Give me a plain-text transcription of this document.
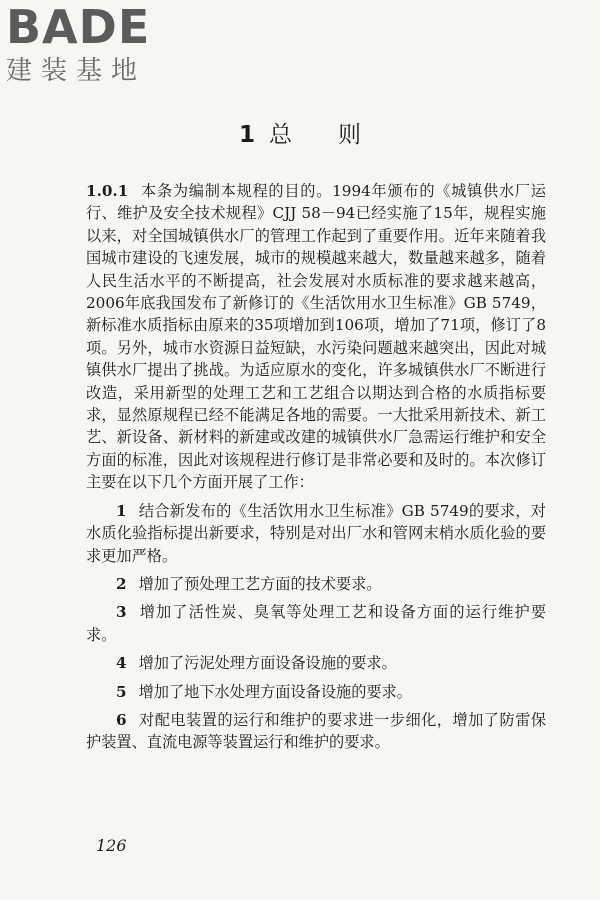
BADE
建装基地
1 总则

1.0.1 本条为编制本规程的目的。1994年颁布的《城镇供水厂运行、维护及安全技术规程》CJJ 58－94已经实施了15年，规程实施以来，对全国城镇供水厂的管理工作起到了重要作用。近年来随着我国城市建设的飞速发展，城市的规模越来越大，数量越来越多，随着人民生活水平的不断提高，社会发展对水质标准的要求越来越高，2006年底我国发布了新修订的《生活饮用水卫生标准》GB 5749，新标准水质指标由原来的35项增加到106项，增加了71项，修订了8项。另外，城市水资源日益短缺，水污染问题越来越突出，因此对城镇供水厂提出了挑战。为适应原水的变化，许多城镇供水厂不断进行改造，采用新型的处理工艺和工艺组合以期达到合格的水质指标要求，显然原规程已经不能满足各地的需要。一大批采用新技术、新工艺、新设备、新材料的新建或改建的城镇供水厂急需运行维护和安全方面的标准，因此对该规程进行修订是非常必要和及时的。本次修订主要在以下几个方面开展了工作：

1 结合新发布的《生活饮用水卫生标准》GB 5749的要求，对水质化验指标提出新要求，特别是对出厂水和管网末梢水质化验的要求更加严格。

2 增加了预处理工艺方面的技术要求。

3 增加了活性炭、臭氧等处理工艺和设备方面的运行维护要求。

4 增加了污泥处理方面设备设施的要求。

5 增加了地下水处理方面设备设施的要求。

6 对配电装置的运行和维护的要求进一步细化，增加了防雷保护装置、直流电源等装置运行和维护的要求。

126
